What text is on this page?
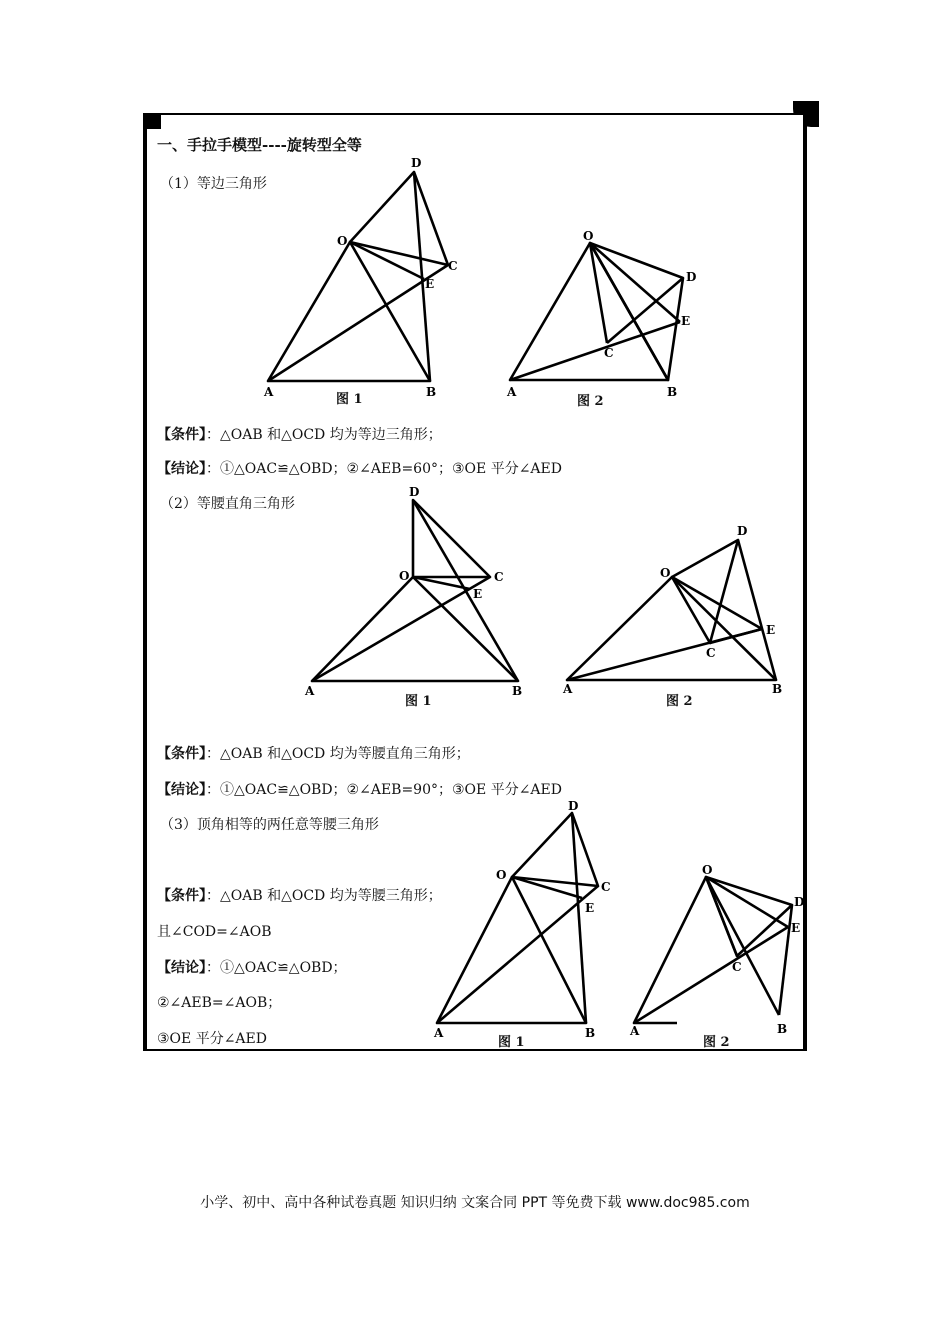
一、手拉手模型----旋转型全等
（1）等边三角形
O
D
C
E
A	B
图 1
O
D
E
C
A	B
图 2
【条件】：△OAB 和△OCD 均为等边三角形；
【结论】：①△OAC≌△OBD；②∠AEB=60°；③OE 平分∠AED
（2）等腰直角三角形
D
O	C
E
A	B
图 1
D
O
E
C
A	B
图 2
【条件】：△OAB 和△OCD 均为等腰直角三角形；
【结论】：①△OAC≌△OBD；②∠AEB=90°；③OE 平分∠AED
（3）顶角相等的两任意等腰三角形
【条件】：△OAB 和△OCD 均为等腰三角形；
且∠COD=∠AOB
【结论】：①△OAC≌△OBD；
②∠AEB=∠AOB；
③OE 平分∠AED
D
O
C
E
A	B
图 1
O
D
E
C
A	B
图 2
小学、初中、高中各种试卷真题 知识归纳 文案合同 PPT 等免费下载 www.doc985.com
